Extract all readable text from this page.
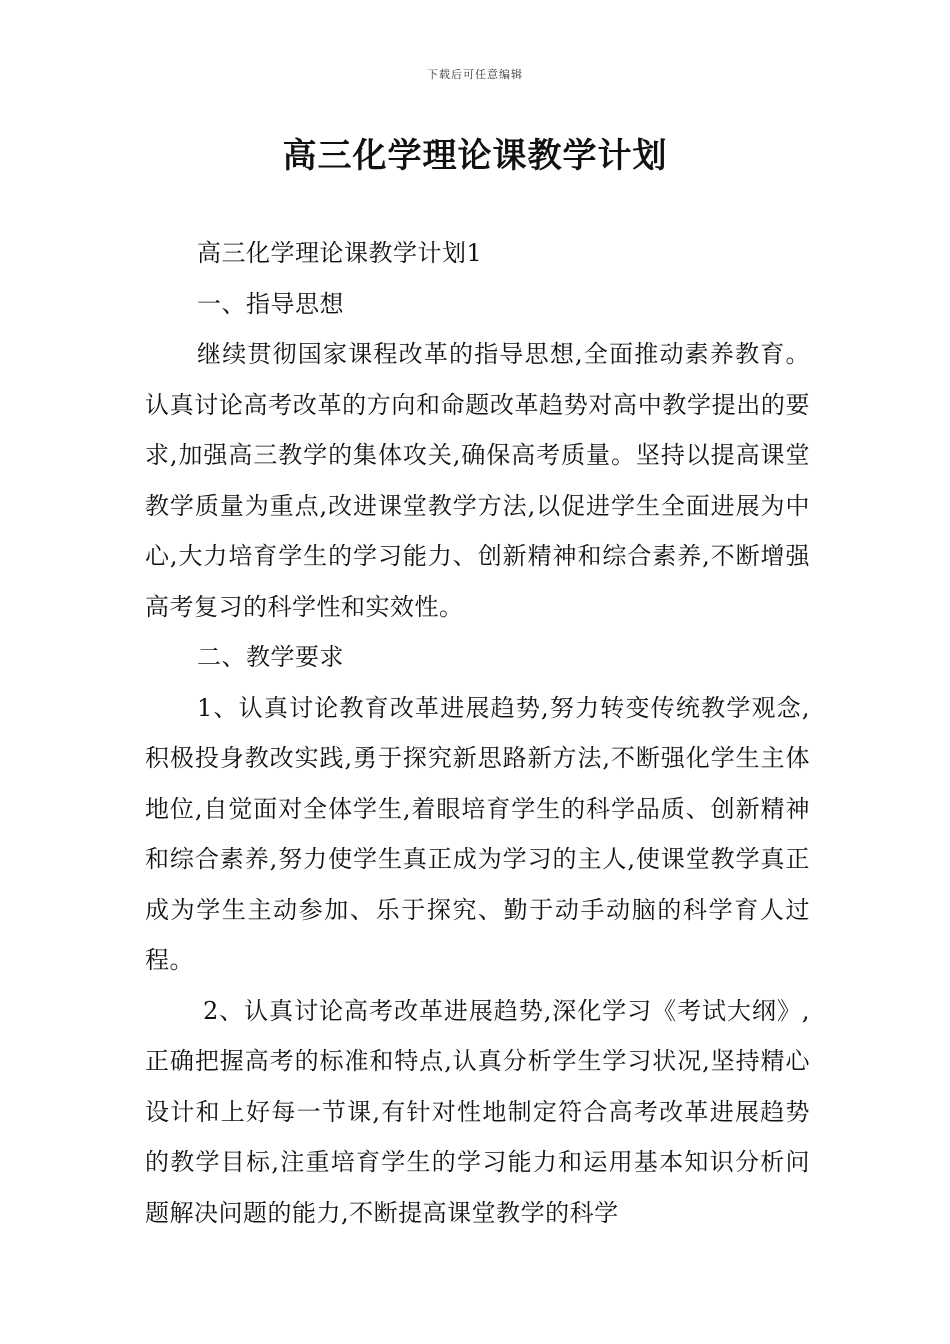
下载后可任意编辑
高三化学理论课教学计划

高三化学理论课教学计划1

一、指导思想

继续贯彻国家课程改革的指导思想,全面推动素养教育。认真讨论高考改革的方向和命题改革趋势对高中教学提出的要求,加强高三教学的集体攻关,确保高考质量。坚持以提高课堂教学质量为重点,改进课堂教学方法,以促进学生全面进展为中心,大力培育学生的学习能力、创新精神和综合素养,不断增强高考复习的科学性和实效性。

二、教学要求

1、认真讨论教育改革进展趋势,努力转变传统教学观念,积极投身教改实践,勇于探究新思路新方法,不断强化学生主体地位,自觉面对全体学生,着眼培育学生的科学品质、创新精神和综合素养,努力使学生真正成为学习的主人,使课堂教学真正成为学生主动参加、乐于探究、勤于动手动脑的科学育人过程。

2、认真讨论高考改革进展趋势,深化学习《考试大纲》,正确把握高考的标准和特点,认真分析学生学习状况,坚持精心设计和上好每一节课,有针对性地制定符合高考改革进展趋势的教学目标,注重培育学生的学习能力和运用基本知识分析问题解决问题的能力,不断提高课堂教学的科学
